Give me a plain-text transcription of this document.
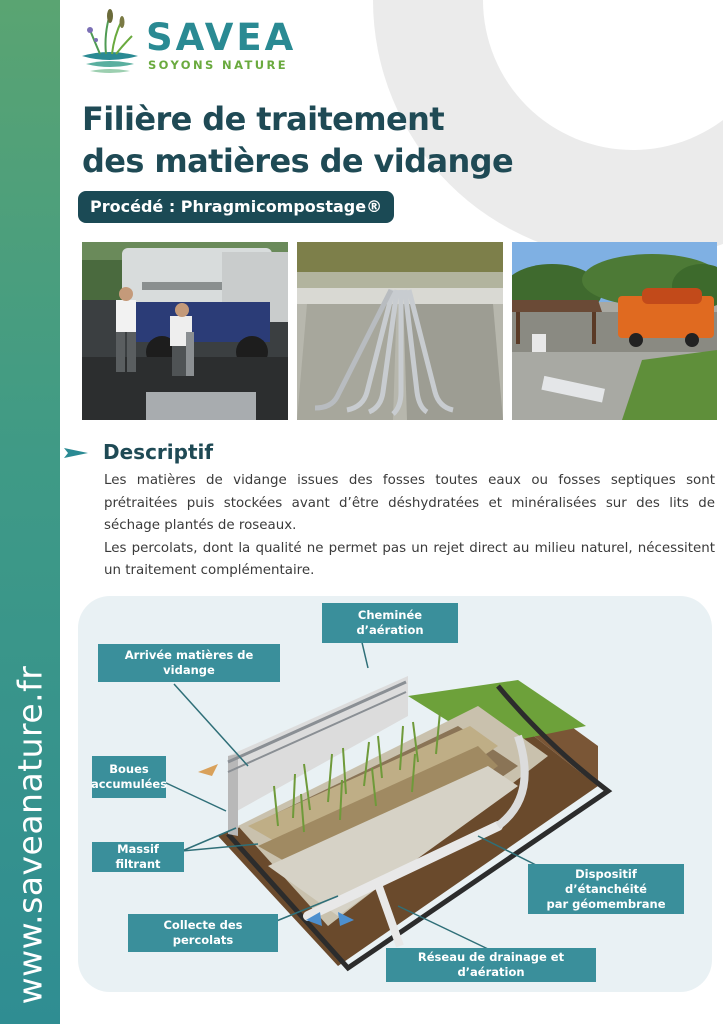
www.saveanature.fr
SAVEA
SOYONS NATURE
Filière de traitement
des matières de vidange
Procédé : Phragmicompostage®
Descriptif

Les matières de vidange issues des fosses toutes eaux ou fosses septiques sont prétraitées puis stockées avant d’être déshydratées et minéralisées sur des lits de séchage plantés de roseaux.

Les percolats, dont la qualité ne permet pas un rejet direct au milieu naturel, nécessitent un traitement complémentaire.

Cheminée d’aération
Arrivée matières de vidange
Boues
accumulées
Massif filtrant
Collecte des percolats
Dispositif d’étanchéité
par géomembrane
Réseau de drainage et d’aération
